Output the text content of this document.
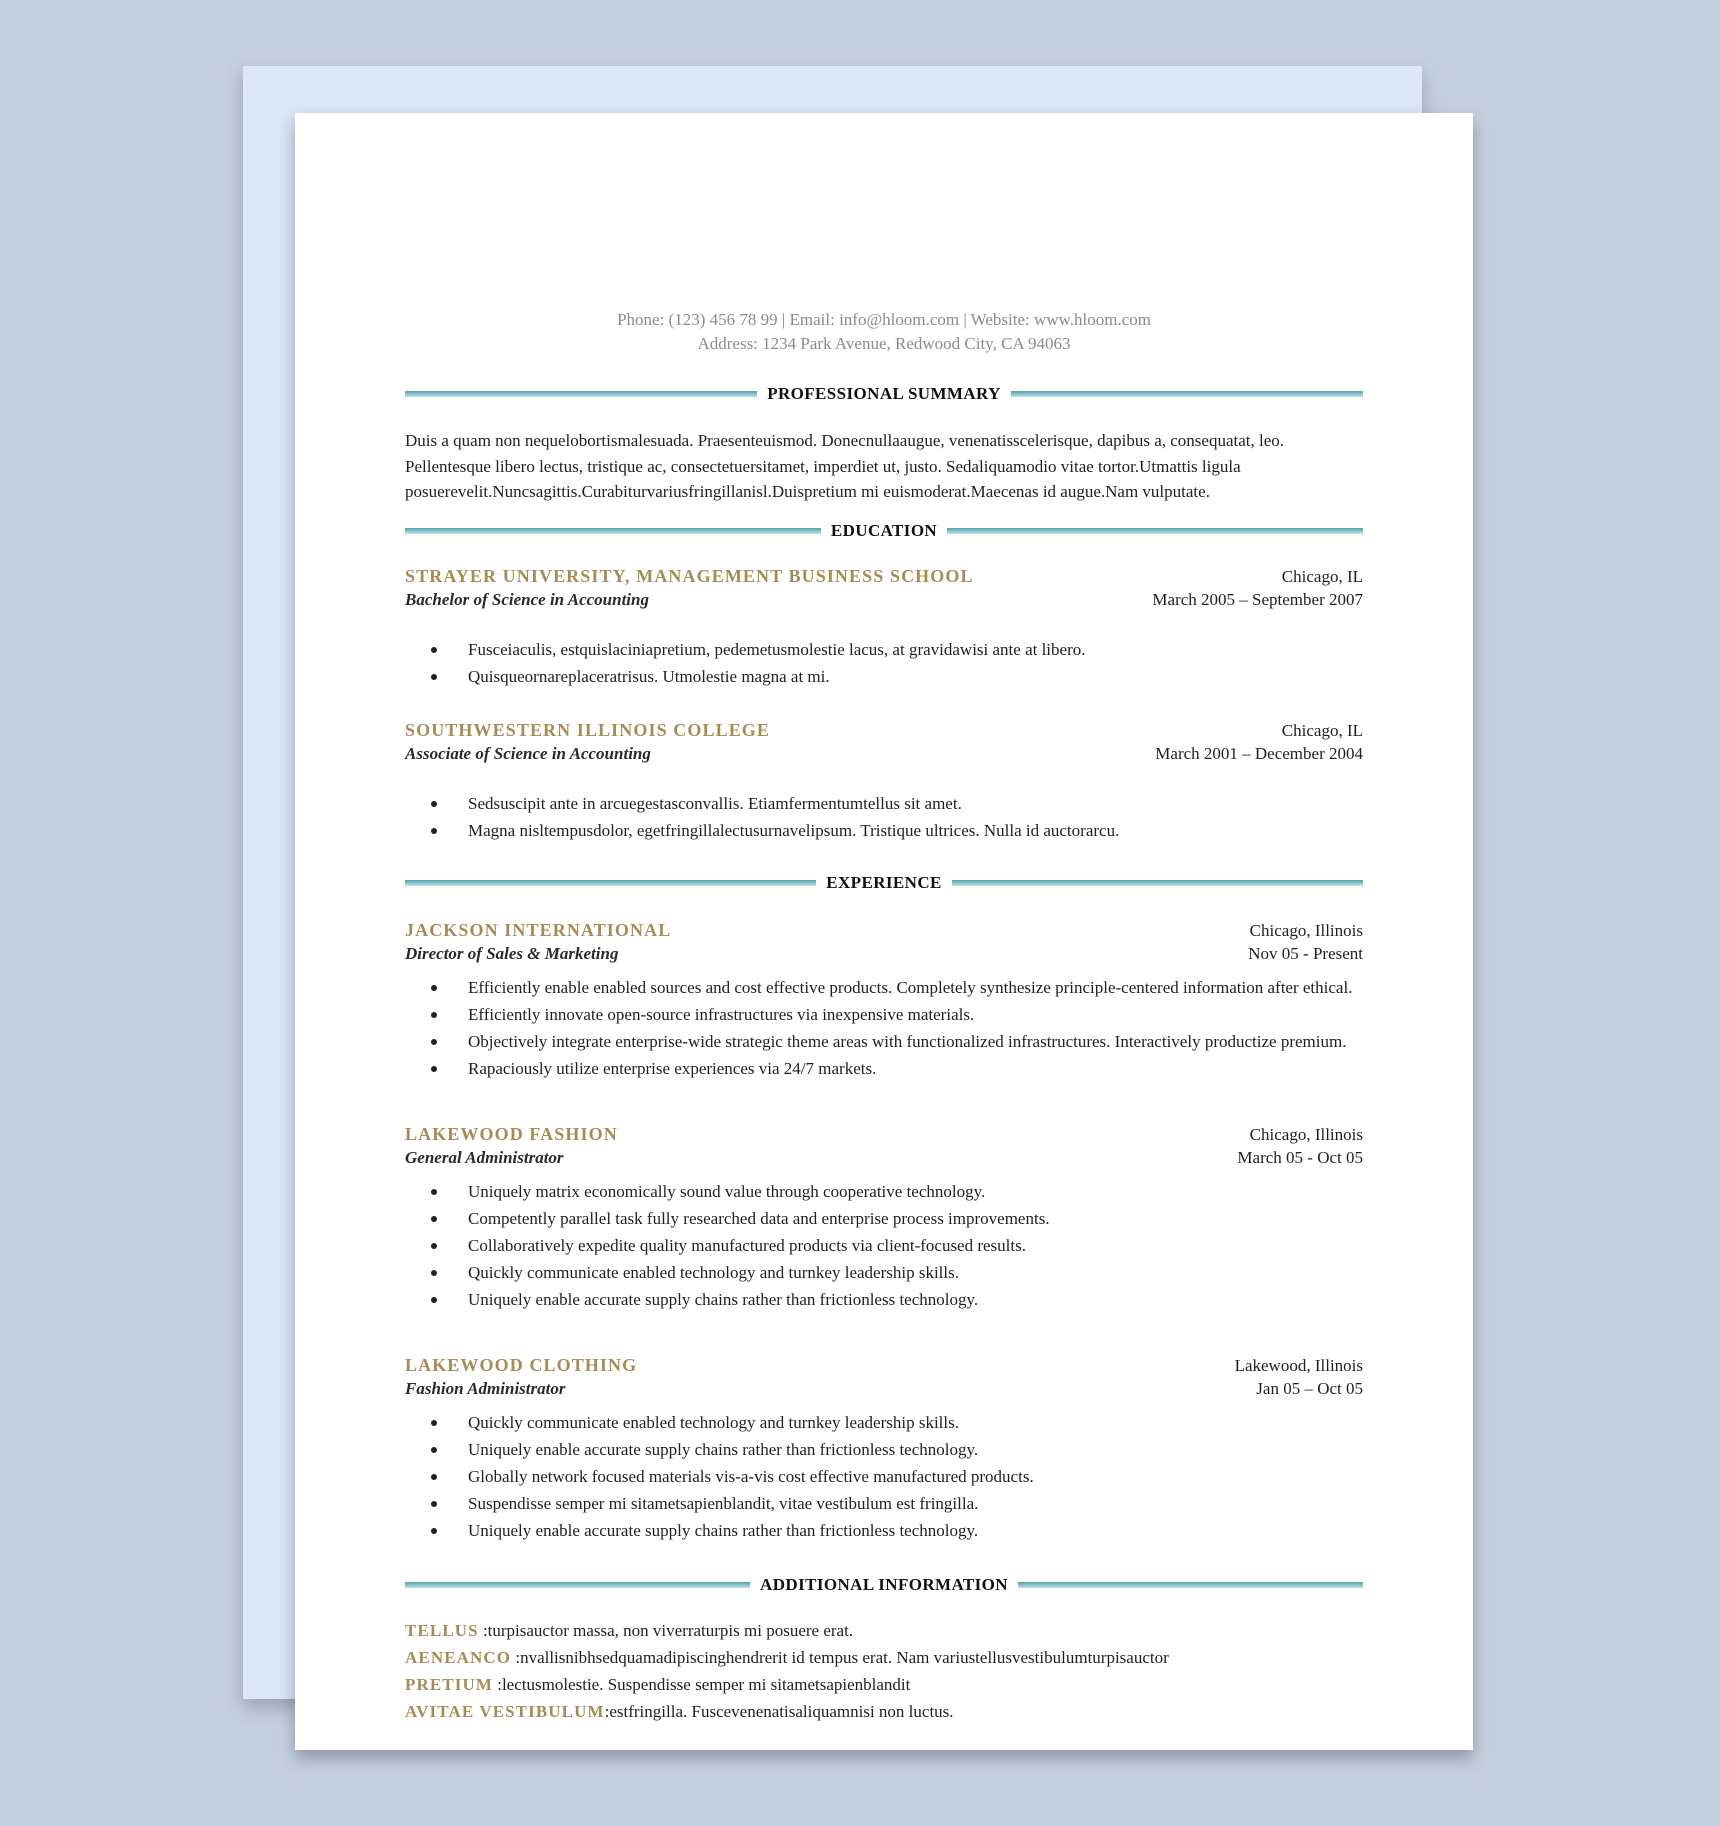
Phone: (123) 456 78 99 | Email: info@hloom.com | Website: www.hloom.com
Address: 1234 Park Avenue, Redwood City, CA 94063
PROFESSIONAL SUMMARY
Duis a quam non nequelobortismalesuada. Praesenteuismod. Donecnullaaugue, venenatisscelerisque, dapibus a, consequatat, leo. Pellentesque libero lectus, tristique ac, consectetuersitamet, imperdiet ut, justo. Sedaliquamodio vitae tortor.Utmattis ligula posuerevelit.Nuncsagittis.Curabiturvariusfringillanisl.Duispretium mi euismoderat.Maecenas id augue.Nam vulputate.
EDUCATION
STRAYER UNIVERSITY, MANAGEMENT BUSINESS SCHOOL
Bachelor of Science in Accounting
Chicago, IL
March 2005 – September 2007
Fusceiaculis, estquislaciniapretium, pedemetusmolestie lacus, at gravidawisi ante at libero.
Quisqueornareplaceratrisus. Utmolestie magna at mi.
SOUTHWESTERN ILLINOIS COLLEGE
Associate of Science in Accounting
Chicago, IL
March 2001 – December 2004
Sedsuscipit ante in arcuegestasconvallis. Etiamfermentumtellus sit amet.
Magna nisltempusdolor, egetfringillalectusurnavelipsum. Tristique ultrices. Nulla id auctorarcu.
EXPERIENCE
JACKSON INTERNATIONAL
Director of Sales & Marketing
Chicago, Illinois
Nov 05 - Present
Efficiently enable enabled sources and cost effective products. Completely synthesize principle-centered information after ethical.
Efficiently innovate open-source infrastructures via inexpensive materials.
Objectively integrate enterprise-wide strategic theme areas with functionalized infrastructures. Interactively productize premium.
Rapaciously utilize enterprise experiences via 24/7 markets.
LAKEWOOD FASHION
General Administrator
Chicago, Illinois
March 05 - Oct 05
Uniquely matrix economically sound value through cooperative technology.
Competently parallel task fully researched data and enterprise process improvements.
Collaboratively expedite quality manufactured products via client-focused results.
Quickly communicate enabled technology and turnkey leadership skills.
Uniquely enable accurate supply chains rather than frictionless technology.
LAKEWOOD CLOTHING
Fashion Administrator
Lakewood, Illinois
Jan 05 – Oct 05
Quickly communicate enabled technology and turnkey leadership skills.
Uniquely enable accurate supply chains rather than frictionless technology.
Globally network focused materials vis-a-vis cost effective manufactured products.
Suspendisse semper mi sitametsapienblandit, vitae vestibulum est fringilla.
Uniquely enable accurate supply chains rather than frictionless technology.
ADDITIONAL INFORMATION
TELLUS :turpisauctor massa, non viverraturpis mi posuere erat.
AENEANCO :nvallisnibhsedquamadipiscinghendrerit id tempus erat. Nam variustellusvestibulumturpisauctor
PRETIUM :lectusmolestie. Suspendisse semper mi sitametsapienblandit
AVITAE VESTIBULUM:estfringilla. Fuscevenenatisaliquamnisi non luctus.
